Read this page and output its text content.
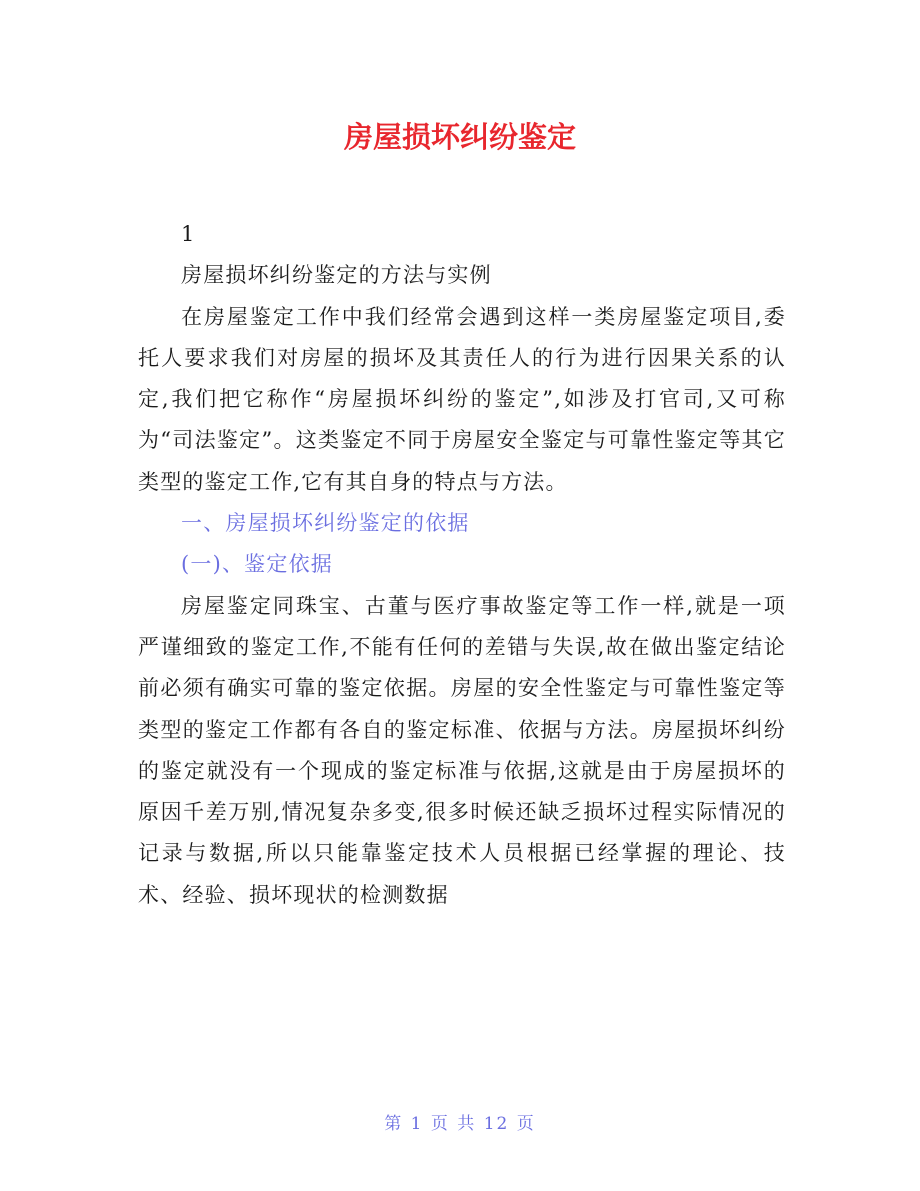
房屋损坏纠纷鉴定

1

房屋损坏纠纷鉴定的方法与实例

在房屋鉴定工作中我们经常会遇到这样一类房屋鉴定项目,委托人要求我们对房屋的损坏及其责任人的行为进行因果关系的认定,我们把它称作“房屋损坏纠纷的鉴定”,如涉及打官司,又可称为“司法鉴定”。这类鉴定不同于房屋安全鉴定与可靠性鉴定等其它类型的鉴定工作,它有其自身的特点与方法。

一、房屋损坏纠纷鉴定的依据

(一)、鉴定依据

房屋鉴定同珠宝、古董与医疗事故鉴定等工作一样,就是一项严谨细致的鉴定工作,不能有任何的差错与失误,故在做出鉴定结论前必须有确实可靠的鉴定依据。房屋的安全性鉴定与可靠性鉴定等类型的鉴定工作都有各自的鉴定标准、依据与方法。房屋损坏纠纷的鉴定就没有一个现成的鉴定标准与依据,这就是由于房屋损坏的原因千差万别,情况复杂多变,很多时候还缺乏损坏过程实际情况的记录与数据,所以只能靠鉴定技术人员根据已经掌握的理论、技术、经验、损坏现状的检测数据

第 1 页 共 12 页
